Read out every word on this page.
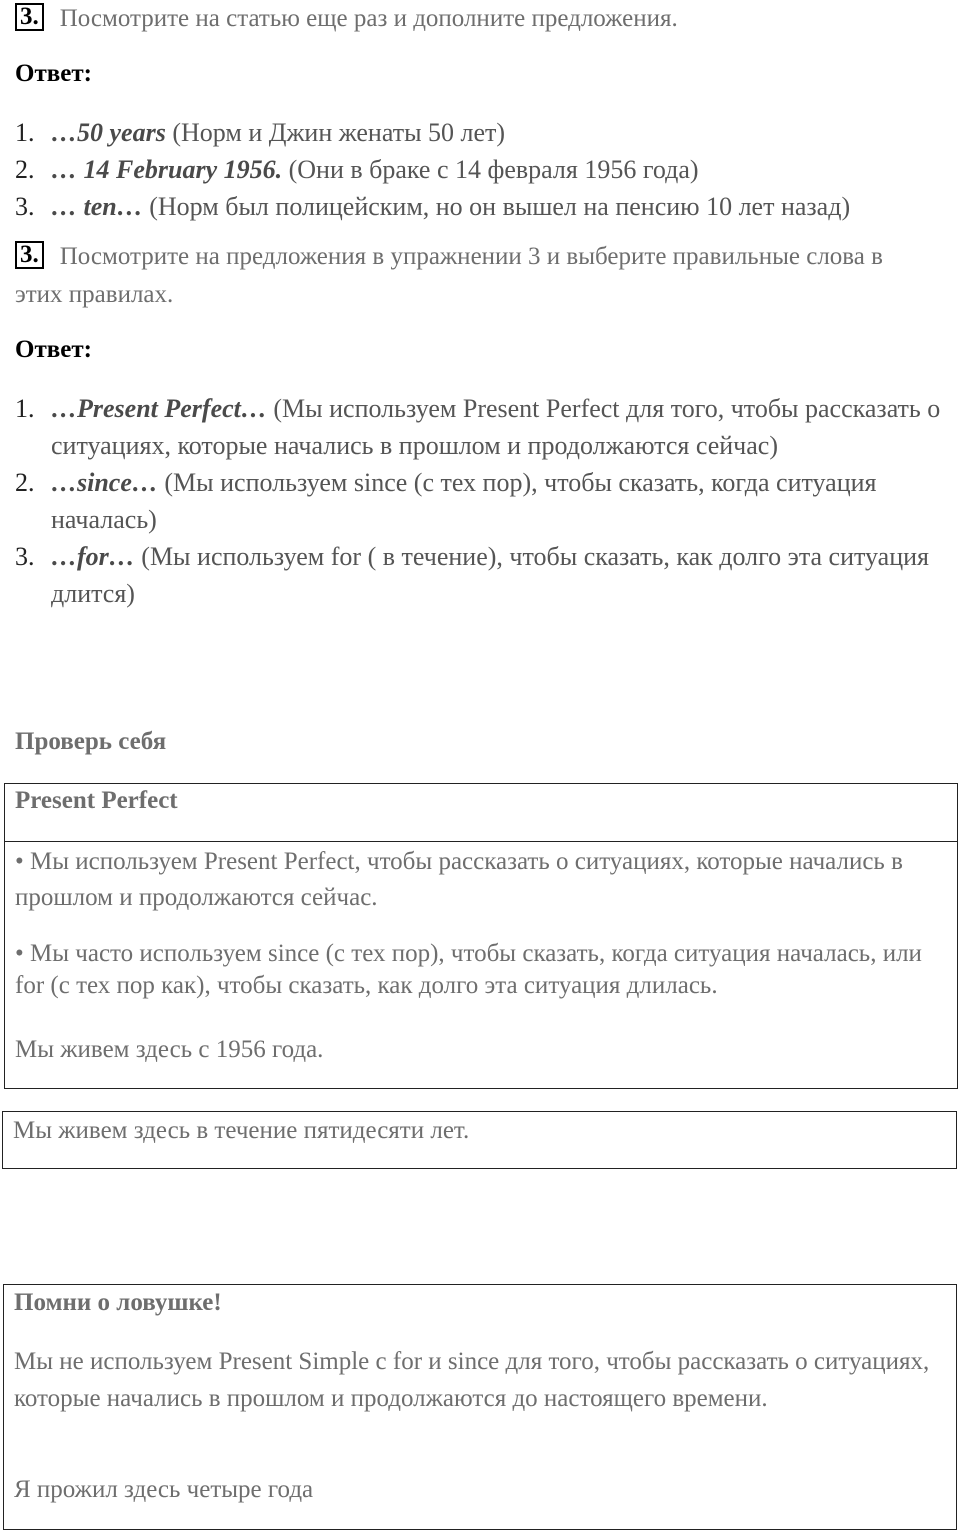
3. Посмотрите на статью еще раз и дополните предложения.
Ответ:
1. …50 years (Норм и Джин женаты 50 лет)
2. … 14 February 1956. (Они в браке с 14 февраля 1956 года)
3. … ten… (Норм был полицейским, но он вышел на пенсию 10 лет назад)
3. Посмотрите на предложения в упражнении 3 и выберите правильные слова в этих правилах.
Ответ:
1. …Present Perfect… (Мы используем Present Perfect для того, чтобы рассказать о ситуациях, которые начались в прошлом и продолжаются сейчас)
2. …since… (Мы используем since (с тех пор), чтобы сказать, когда ситуация началась)
3. …for… (Мы используем for ( в течение), чтобы сказать, как долго эта ситуация длится)
Проверь себя
Present Perfect
• Мы используем Present Perfect, чтобы рассказать о ситуациях, которые начались в прошлом и продолжаются сейчас.
• Мы часто используем since (с тех пор), чтобы сказать, когда ситуация началась, или for (с тех пор как), чтобы сказать, как долго эта ситуация длилась.
Мы живем здесь с 1956 года.
Мы живем здесь в течение пятидесяти лет.
Помни о ловушке!
Мы не используем Present Simple с for и since для того, чтобы рассказать о ситуациях, которые начались в прошлом и продолжаются до настоящего времени.
Я прожил здесь четыре года
